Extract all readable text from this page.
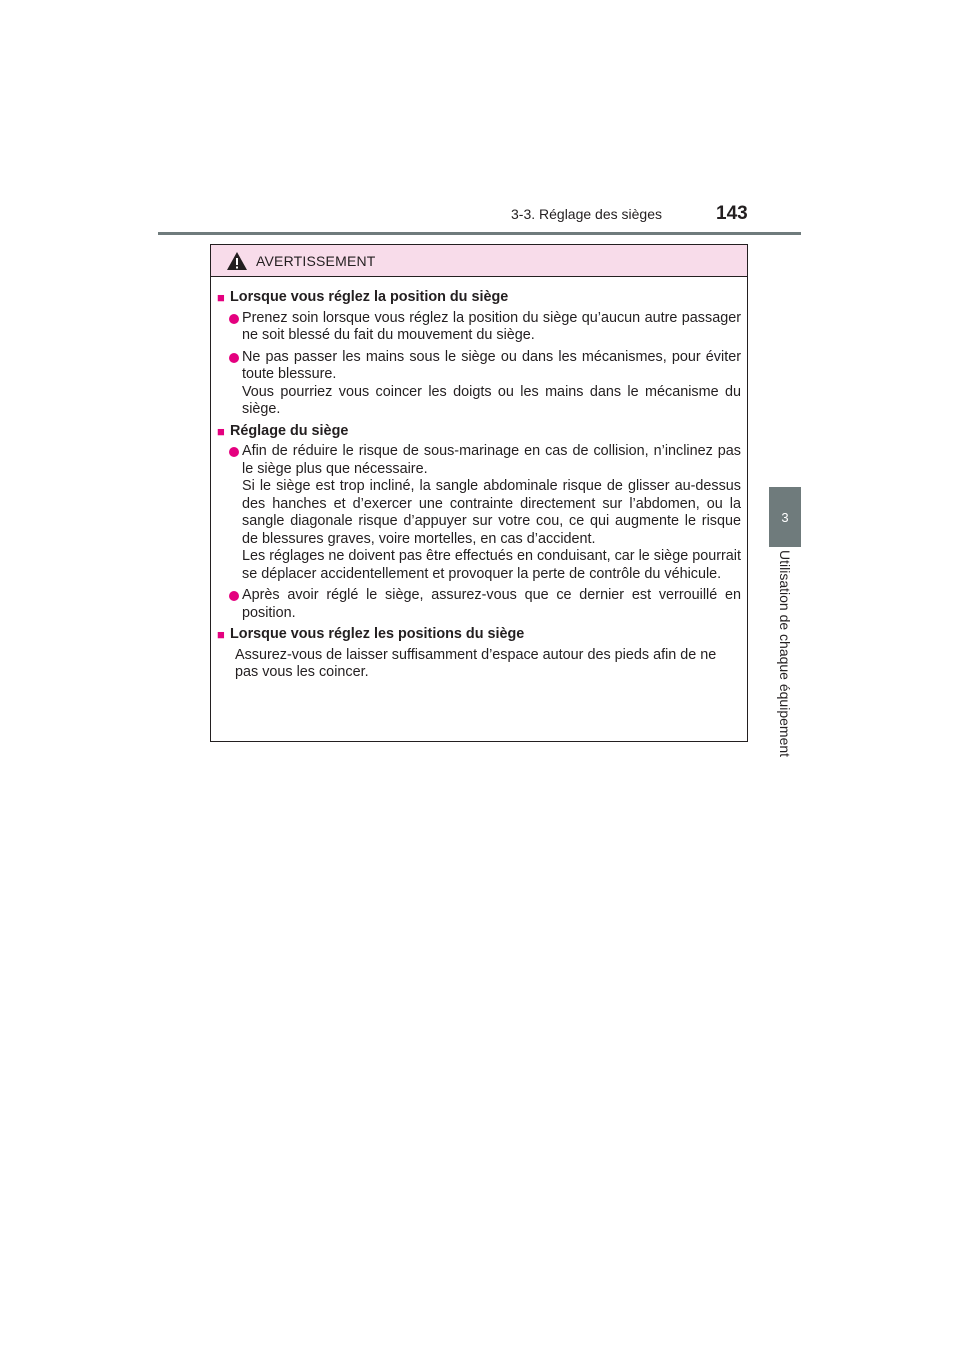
3-3. Réglage des sièges	143
3
Utilisation de chaque équipement
AVERTISSEMENT
■ Lorsque vous réglez la position du siège

Prenez soin lorsque vous réglez la position du siège qu’aucun autre passager ne soit blessé du fait du mouvement du siège.

Ne pas passer les mains sous le siège ou dans les mécanismes, pour éviter toute blessure.

Vous pourriez vous coincer les doigts ou les mains dans le mécanisme du siège.

■ Réglage du siège

Afin de réduire le risque de sous-marinage en cas de collision, n’inclinez pas le siège plus que nécessaire.

Si le siège est trop incliné, la sangle abdominale risque de glisser au-dessus des hanches et d’exercer une contrainte directement sur l’abdomen, ou la sangle diagonale risque d’appuyer sur votre cou, ce qui augmente le risque de blessures graves, voire mortelles, en cas d’accident.

Les réglages ne doivent pas être effectués en conduisant, car le siège pourrait se déplacer accidentellement et provoquer la perte de contrôle du véhicule.

Après avoir réglé le siège, assurez-vous que ce dernier est verrouillé en position.

■ Lorsque vous réglez les positions du siège
Assurez-vous de laisser suffisamment d’espace autour des pieds afin de ne pas vous les coincer.
